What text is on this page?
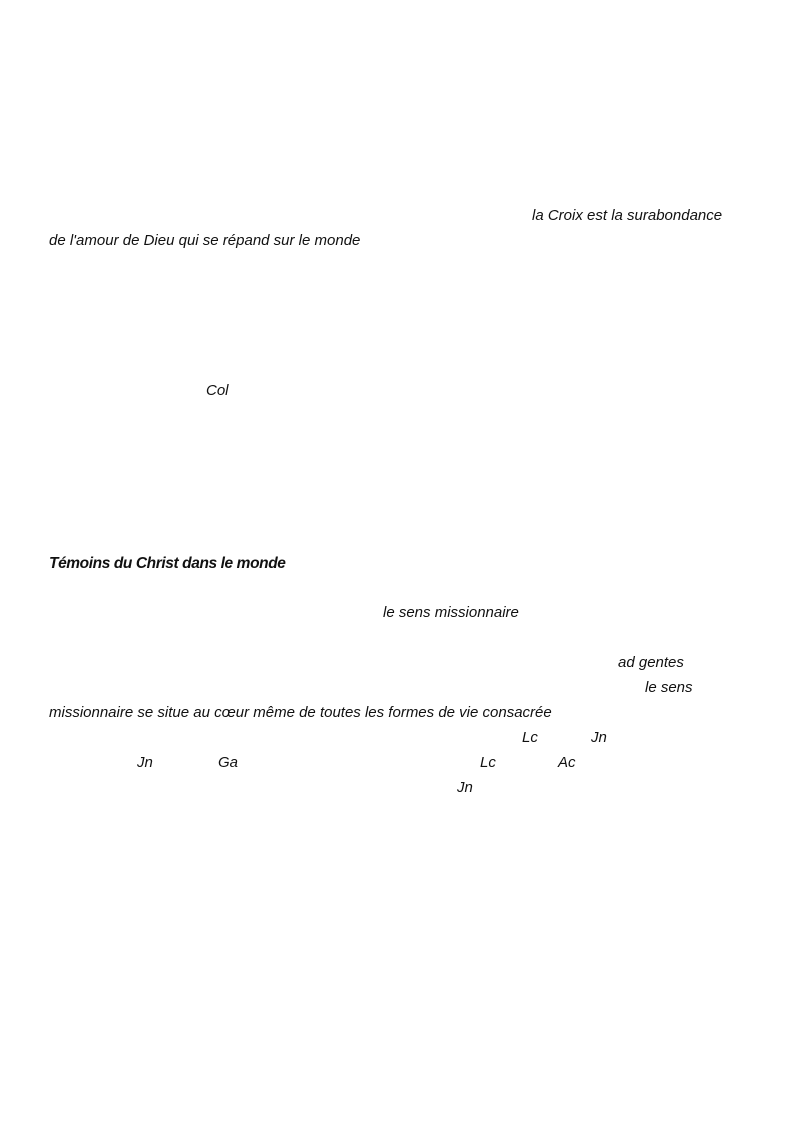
la Croix est la surabondance
de l'amour de Dieu qui se répand sur le monde
Col
Témoins du Christ dans le monde
le sens missionnaire
ad gentes
le sens
missionnaire se situe au cœur même de toutes les formes de vie consacrée
Lc	Jn
Jn	Ga	Lc	Ac
Jn
